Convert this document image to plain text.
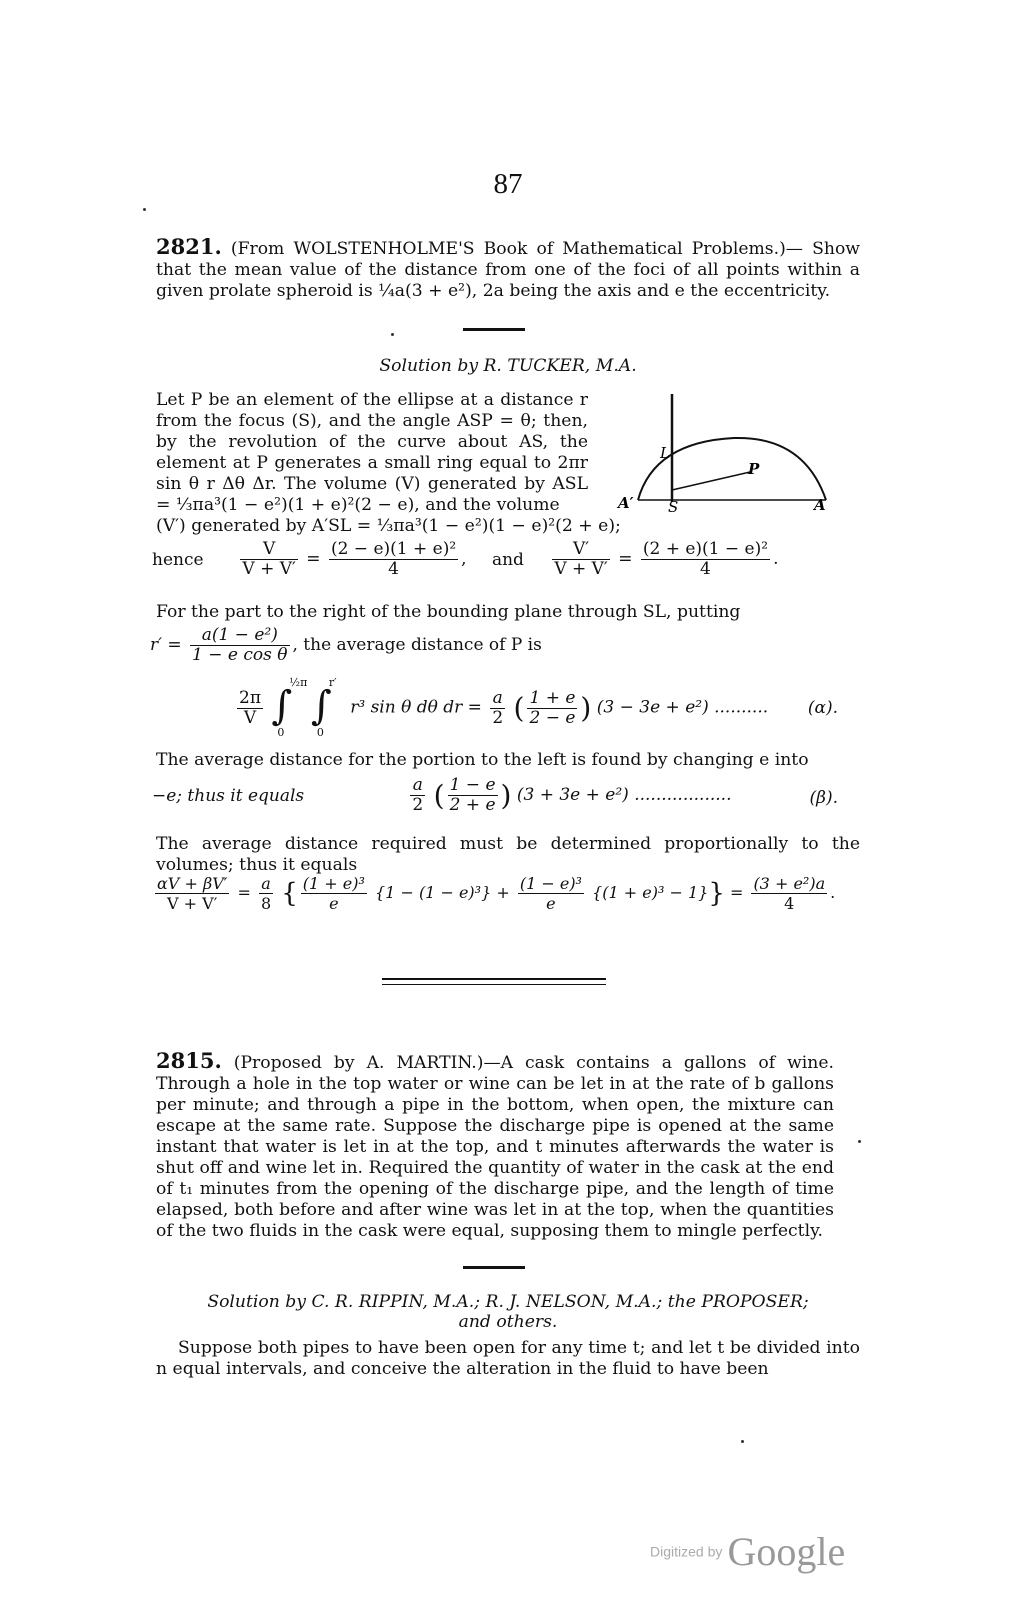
87
2821. (From WOLSTENHOLME'S Book of Mathematical Problems.)— Show that the mean value of the distance from one of the foci of all points within a given prolate spheroid is ¼a(3 + e²), 2a being the axis and e the eccentricity.
Solution by R. TUCKER, M.A.
Let P be an element of the ellipse at a distance r from the focus (S), and the angle ASP = θ; then, by the revolution of the curve about AS, the element at P generates a small ring equal to 2πr sin θ r Δθ Δr. The volume (V) generated by ASL = ⅓πa³(1 − e²)(1 + e)²(2 − e), and the volume
L
P
A′ S	A
(V′) generated by A′SL = ⅓πa³(1 − e²)(1 − e)²(2 + e);
hence $\frac{V}{V + V'} = \frac{\text{(2 − e)(1 + e)²}}{4}$ , and $\frac{V'}{V + V'} = \frac{\text{(2 + e)(1 − e)²}}{4}$ .
For the part to the right of the bounding plane through SL, putting
$r' = \frac{\text{a(1 − e²)}}{\text{1 − e cos θ}}$ , the average distance of P is
$\frac{2\pi}{V}$
∫
½π
0

∫
r′
0
r³ sin θ dθ dr = $\frac{a}{2}$ ( $\frac{1 + e}{2 - e}$ ) (3 − 3e + e²) .......... (α).
The average distance for the portion to the left is found by changing e into
−e; thus it equals	$\frac{a}{2}$ ( $\frac{1 - e}{2 + e}$ ) (3 + 3e + e²) ..................	(β).
The average distance required must be determined proportionally to the volumes; thus it equals
$\frac{\alpha V + \beta V'}{V + V'} = \frac{a}{8}$ { $\frac{\text{(1 + e)³}}{e} \{1 - (1 - e)^3\} + \frac{\text{(1 − e)³}}{e} \{(1 + e)^3 - 1\}\} = \frac{\text{(3 + e²)a}}{4}$ .
2815. (Proposed by A. MARTIN.)—A cask contains a gallons of wine. Through a hole in the top water or wine can be let in at the rate of b gallons per minute; and through a pipe in the bottom, when open, the mixture can escape at the same rate. Suppose the discharge pipe is opened at the same instant that water is let in at the top, and t minutes afterwards the water is shut off and wine let in. Required the quantity of water in the cask at the end of t₁ minutes from the opening of the discharge pipe, and the length of time elapsed, both before and after wine was let in at the top, when the quantities of the two fluids in the cask were equal, supposing them to mingle perfectly.
Solution by C. R. RIPPIN, M.A.; R. J. NELSON, M.A.; the PROPOSER;
and others.
Suppose both pipes to have been open for any time t; and let t be divided into n equal intervals, and conceive the alteration in the fluid to have been
Digitized by Google
